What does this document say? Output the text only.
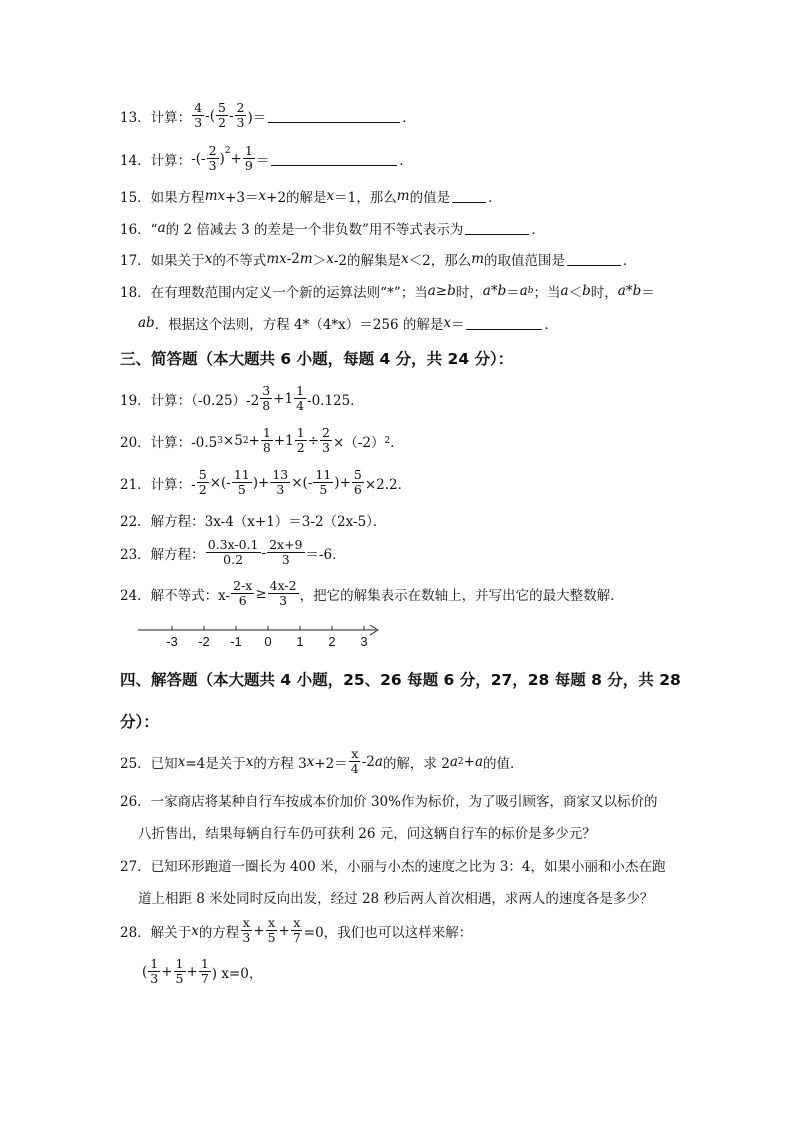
13．计算： $\frac{4}{3}$ -( $\frac{5}{2} - \frac{2}{3}$ )＝	．
14．计算： -(- $\frac{2}{3}$ ) $2 + \frac{1}{9}$ ＝	．
15．如果方程 mx +3＝ x +2的解是 x ＝1，那么 m 的值是	．
16．“ a 的 2 倍减去 3 的差是一个非负数”用不等式表示为	．
17．如果关于 x 的不等式 mx -2 m ＞ x -2的解集是 x ＜2，那么 m 的取值范围是	．
18．在有理数范围内定义一个新的运算法则“*”；当 a ≥ b 时， a*b ＝ a b ；当 a ＜ b 时， a*b ＝
ab ．根据这个法则，方程 4*（4*x）＝256 的解是 x ＝	．
三、简答题（本大题共 6 小题，每题 4 分，共 24 分）：
19．计算：$(-0.25)-2 \frac{3}{8} +1 \frac{1}{4} -0.125$．
20．计算：-0.5 3 ×5 $2 + \frac{1}{8} +1 \frac{1}{2} \div \frac{2}{3} \times(-2)$ 2 ．
21．计算：- $\frac{5}{2}$ ×(- $\frac{11}{5}$ )+ $\frac{13}{3}$ ×(- $\frac{11}{5}$ )+ $\frac{5}{6} \times 2.2$．
22．解方程：3x-4（x+1）＝3-2（2x-5）．
23．解方程： $\frac{0.3x-0.1}{0.2} - \frac{2x+9}{3} =-6$．
24．解不等式：$x- \frac{2-x}{6} \ge \frac{4x-2}{3}$ ，把它的解集表示在数轴上，并写出它的最大整数解．
-3 -2 -1 0 1 2 3
四、解答题（本大题共 4 小题，25、26 每题 6 分，27，28 每题 8 分，共 28
分）：
25．已知 x =4是关于 x 的方程 3 $x +2= \frac{x}{4} -2$ a 的解，求 2 a 2 + a 的值．
26．一家商店将某种自行车按成本价加价 30%作为标价，为了吸引顾客，商家又以标价的
八折售出，结果每辆自行车仍可获利 26 元，问这辆自行车的标价是多少元？
27．已知环形跑道一圈长为 400 米，小丽与小杰的速度之比为 3：4，如果小丽和小杰在跑
道上相距 8 米处同时反向出发，经过 28 秒后两人首次相遇，求两人的速度各是多少？
28．解关于 x 的方程 $\frac{x}{3} + \frac{x}{5} + \frac{x}{7} =0$，我们也可以这样来解：
( $\frac{1}{3} + \frac{1}{5} + \frac{1}{7}$ ) x=0，
